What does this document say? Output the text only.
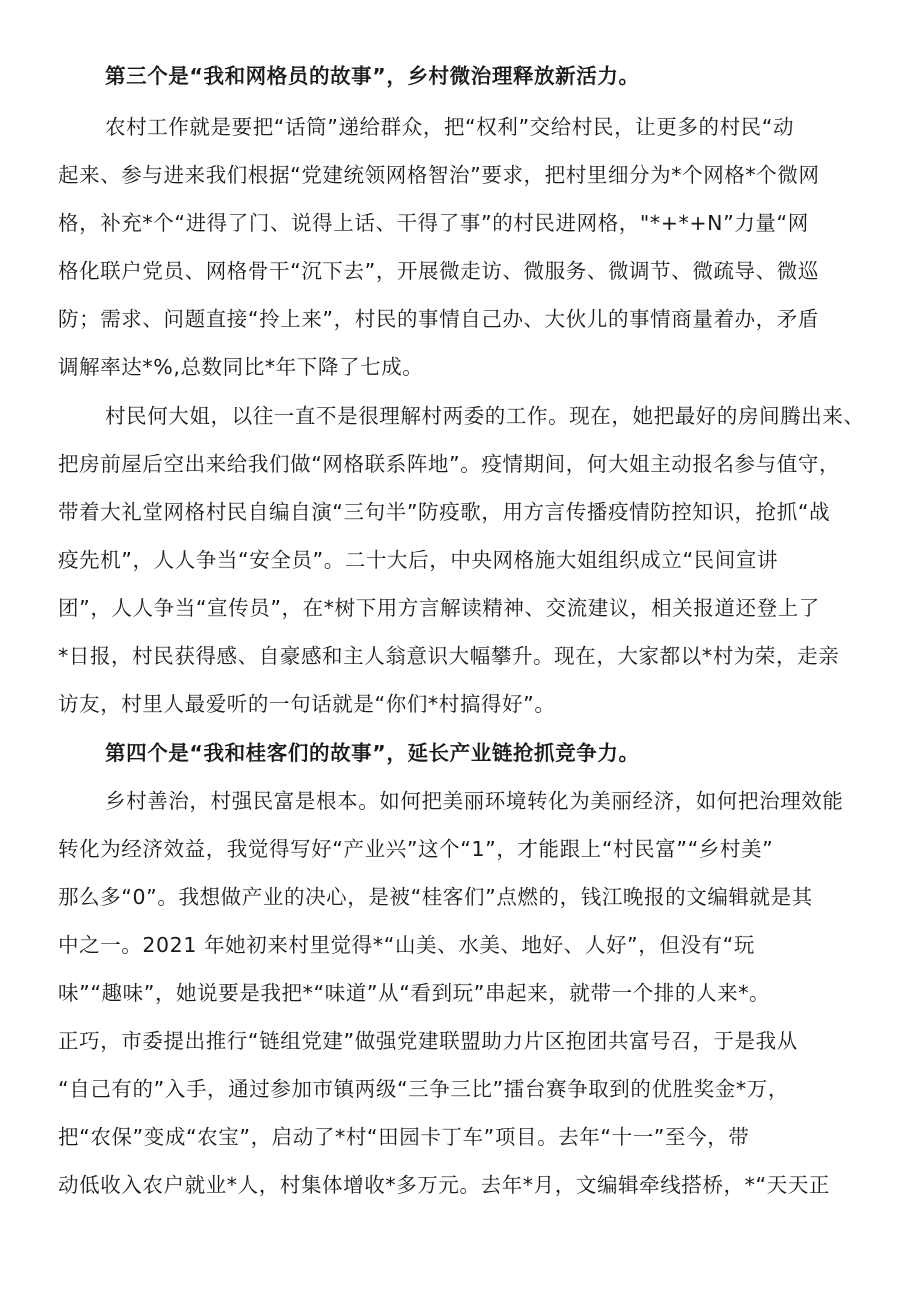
第三个是“我和网格员的故事”，乡村微治理释放新活力。
农村工作就是要把“话筒”递给群众，把“权利”交给村民，让更多的村民“动
起来、参与进来我们根据“党建统领网格智治”要求，把村里细分为*个网格*个微网
格，补充*个“进得了门、说得上话、干得了事”的村民进网格，"*+*+N”力量“网
格化联户党员、网格骨干“沉下去”，开展微走访、微服务、微调节、微疏导、微巡
防；需求、问题直接“拎上来”，村民的事情自己办、大伙儿的事情商量着办，矛盾
调解率达*%,总数同比*年下降了七成。
村民何大姐，以往一直不是很理解村两委的工作。现在，她把最好的房间腾出来、
把房前屋后空出来给我们做“网格联系阵地”。疫情期间，何大姐主动报名参与值守，
带着大礼堂网格村民自编自演“三句半”防疫歌，用方言传播疫情防控知识，抢抓“战
疫先机”，人人争当“安全员”。二十大后，中央网格施大姐组织成立“民间宣讲
团”，人人争当“宣传员”，在*树下用方言解读精神、交流建议，相关报道还登上了
*日报，村民获得感、自豪感和主人翁意识大幅攀升。现在，大家都以*村为荣，走亲
访友，村里人最爱听的一句话就是“你们*村搞得好”。
第四个是“我和桂客们的故事”，延长产业链抢抓竞争力。
乡村善治，村强民富是根本。如何把美丽环境转化为美丽经济，如何把治理效能
转化为经济效益，我觉得写好“产业兴”这个“1”，才能跟上“村民富”“乡村美”
那么多“0”。我想做产业的决心，是被“桂客们”点燃的，钱江晚报的文编辑就是其
中之一。2021 年她初来村里觉得*“山美、水美、地好、人好”，但没有“玩
味”“趣味”，她说要是我把*“味道”从“看到玩”串起来，就带一个排的人来*。
正巧，市委提出推行“链组党建”做强党建联盟助力片区抱团共富号召，于是我从
“自己有的”入手，通过参加市镇两级“三争三比”擂台赛争取到的优胜奖金*万，
把“农保”变成“农宝”，启动了*村“田园卡丁车”项目。去年“十一”至今，带
动低收入农户就业*人，村集体增收*多万元。去年*月，文编辑牵线搭桥，*“天天正
